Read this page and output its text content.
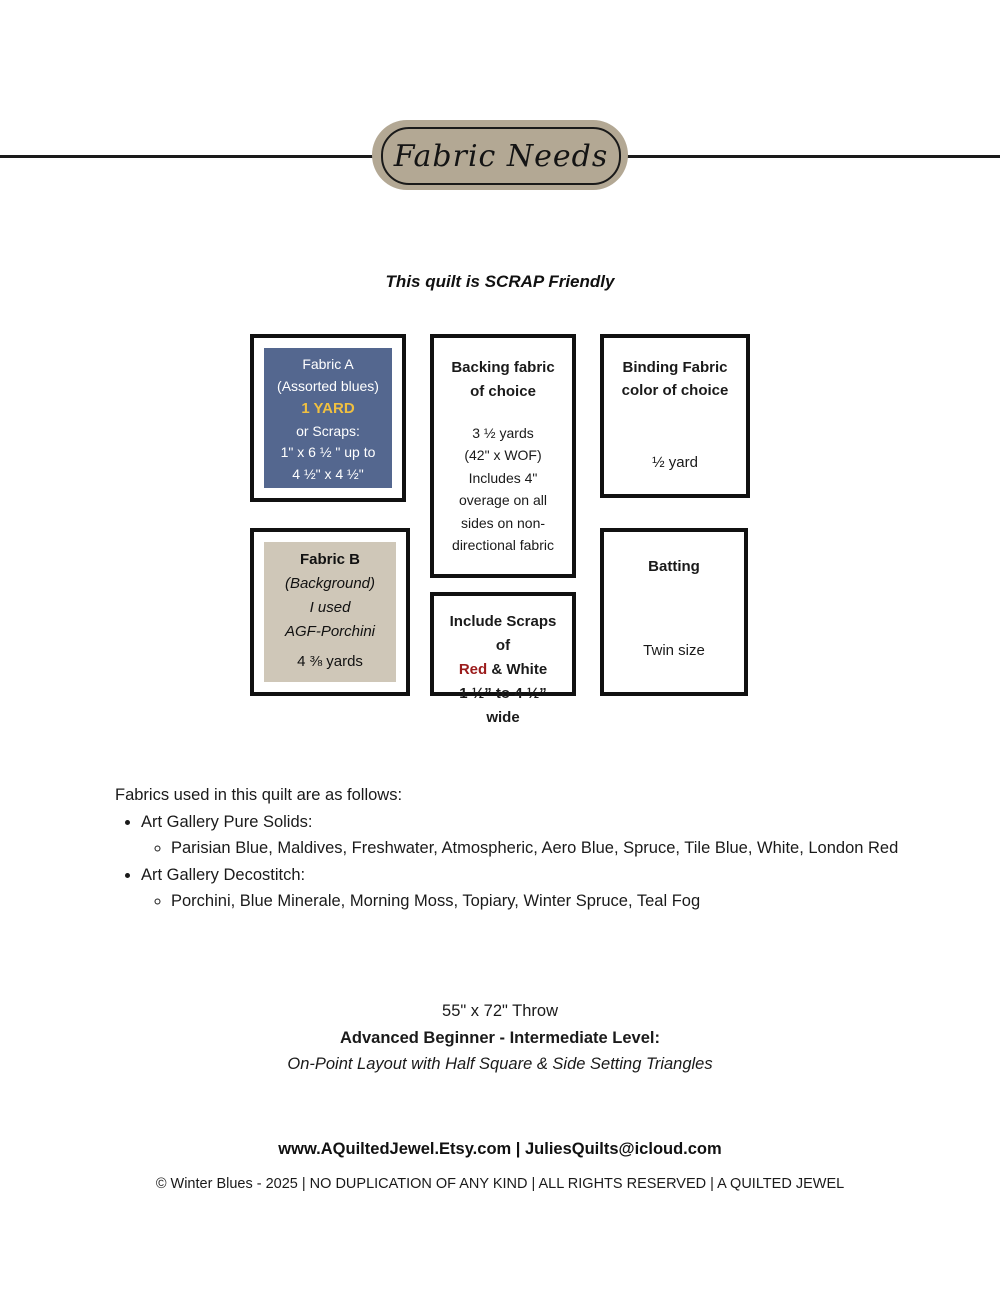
Fabric Needs
This quilt is SCRAP Friendly
Fabric A
(Assorted blues)
1 YARD
or Scraps:
1" x 6 ½ " up to
4 ½" x 4 ½"
Backing fabric
of choice
3 ½ yards
(42" x WOF)
Includes 4"
overage on all
sides on non-
directional fabric
Binding Fabric
color of choice
½ yard
Fabric B
(Background)
I used
AGF-Porchini
4 ⅜ yards
Include Scraps of
Red & White
1 ½” to 4 ½” wide
Batting
Twin size

Fabrics used in this quilt are as follows:

• Art Gallery Pure Solids:
◦ Parisian Blue, Maldives, Freshwater, Atmospheric, Aero Blue, Spruce, Tile Blue, White, London Red
• Art Gallery Decostitch:
◦ Porchini, Blue Minerale, Morning Moss, Topiary, Winter Spruce, Teal Fog
55" x 72" Throw
Advanced Beginner - Intermediate Level:
On-Point Layout with Half Square & Side Setting Triangles
www.AQuiltedJewel.Etsy.com | JuliesQuilts@icloud.com
© Winter Blues - 2025 | NO DUPLICATION OF ANY KIND | ALL RIGHTS RESERVED | A QUILTED JEWEL
